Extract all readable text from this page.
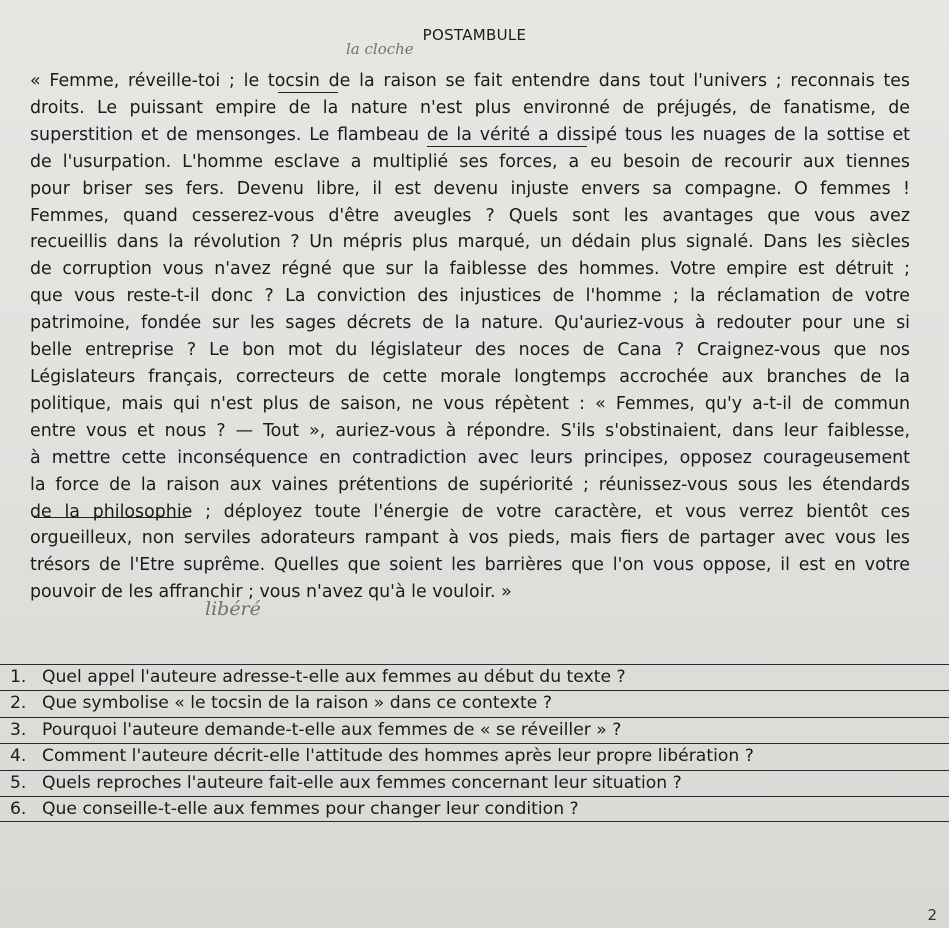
POSTAMBULE
la cloche
« Femme, réveille-toi ; le tocsin de la raison se fait entendre dans tout l'univers ; reconnais tes
droits. Le puissant empire de la nature n'est plus environné de préjugés, de fanatisme, de
superstition et de mensonges. Le flambeau de la vérité a dissipé tous les nuages de la sottise et
de l'usurpation. L'homme esclave a multiplié ses forces, a eu besoin de recourir aux tiennes
pour briser ses fers. Devenu libre, il est devenu injuste envers sa compagne. O femmes !
Femmes, quand cesserez-vous d'être aveugles ? Quels sont les avantages que vous avez
recueillis dans la révolution ? Un mépris plus marqué, un dédain plus signalé. Dans les siècles
de corruption vous n'avez régné que sur la faiblesse des hommes. Votre empire est détruit ;
que vous reste-t-il donc ? La conviction des injustices de l'homme ; la réclamation de votre
patrimoine, fondée sur les sages décrets de la nature. Qu'auriez-vous à redouter pour une si
belle entreprise ? Le bon mot du législateur des noces de Cana ? Craignez-vous que nos
Législateurs français, correcteurs de cette morale longtemps accrochée aux branches de la
politique, mais qui n'est plus de saison, ne vous répètent : « Femmes, qu'y a-t-il de commun
entre vous et nous ? — Tout », auriez-vous à répondre. S'ils s'obstinaient, dans leur faiblesse,
à mettre cette inconséquence en contradiction avec leurs principes, opposez courageusement
la force de la raison aux vaines prétentions de supériorité ; réunissez-vous sous les étendards
de la philosophie ; déployez toute l'énergie de votre caractère, et vous verrez bientôt ces
orgueilleux, non serviles adorateurs rampant à vos pieds, mais fiers de partager avec vous les
trésors de l'Etre suprême. Quelles que soient les barrières que l'on vous oppose, il est en votre
pouvoir de les affranchir ; vous n'avez qu'à le vouloir. »
libéré
1. Quel appel l'auteure adresse-t-elle aux femmes au début du texte ?
2. Que symbolise « le tocsin de la raison » dans ce contexte ?
3. Pourquoi l'auteure demande-t-elle aux femmes de « se réveiller » ?
4. Comment l'auteure décrit-elle l'attitude des hommes après leur propre libération ?
5. Quels reproches l'auteure fait-elle aux femmes concernant leur situation ?
6. Que conseille-t-elle aux femmes pour changer leur condition ?
2
